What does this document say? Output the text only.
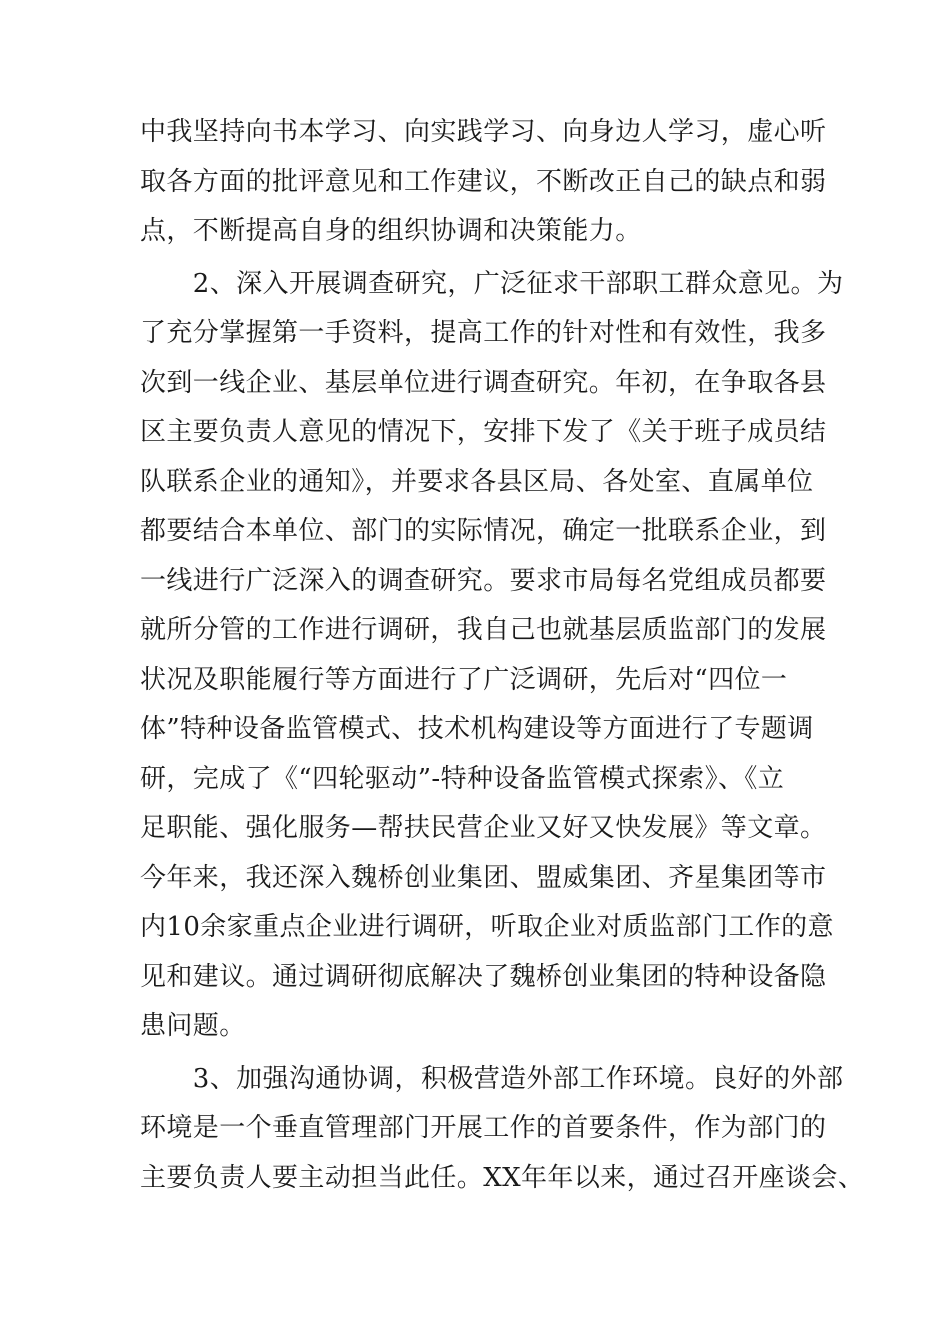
中我坚持向书本学习、向实践学习、向身边人学习，虚心听
取各方面的批评意见和工作建议，不断改正自己的缺点和弱
点，不断提高自身的组织协调和决策能力。
　　2、深入开展调查研究，广泛征求干部职工群众意见。为
了充分掌握第一手资料，提高工作的针对性和有效性，我多
次到一线企业、基层单位进行调查研究。年初，在争取各县
区主要负责人意见的情况下，安排下发了《关于班子成员结
队联系企业的通知》，并要求各县区局、各处室、直属单位
都要结合本单位、部门的实际情况，确定一批联系企业，到
一线进行广泛深入的调查研究。要求市局每名党组成员都要
就所分管的工作进行调研，我自己也就基层质监部门的发展
状况及职能履行等方面进行了广泛调研，先后对“四位一
体”特种设备监管模式、技术机构建设等方面进行了专题调
研，完成了《“四轮驱动”-特种设备监管模式探索》、《立
足职能、强化服务—帮扶民营企业又好又快发展》等文章。
今年来，我还深入魏桥创业集团、盟威集团、齐星集团等市
内10余家重点企业进行调研，听取企业对质监部门工作的意
见和建议。通过调研彻底解决了魏桥创业集团的特种设备隐
患问题。
　　3、加强沟通协调，积极营造外部工作环境。良好的外部
环境是一个垂直管理部门开展工作的首要条件，作为部门的
主要负责人要主动担当此任。XX年年以来，通过召开座谈会、
